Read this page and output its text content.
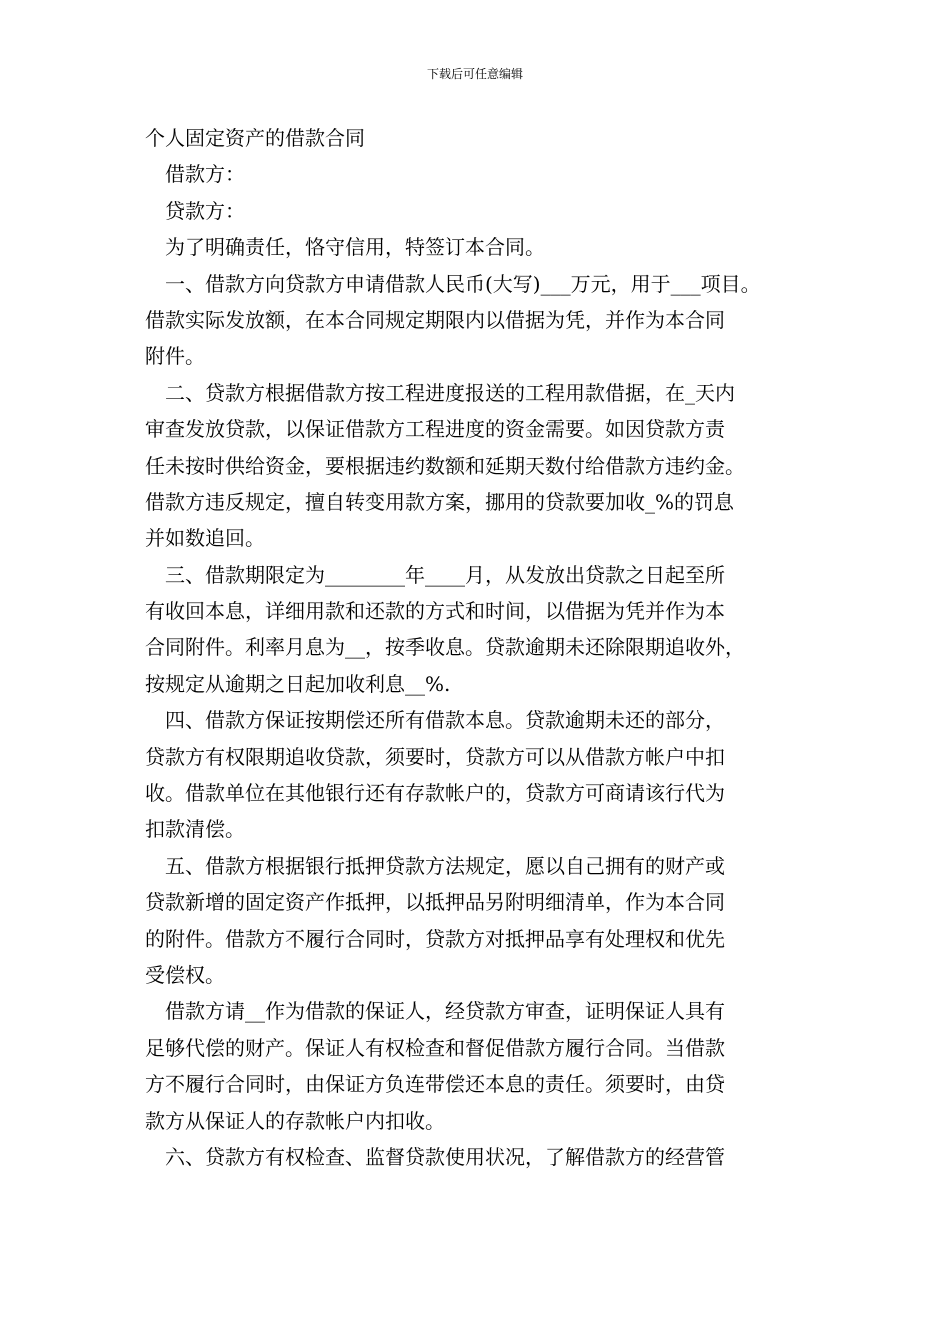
下载后可任意编辑
个人固定资产的借款合同
借款方：
贷款方：
为了明确责任，恪守信用，特签订本合同。
一、借款方向贷款方申请借款人民币(大写)___万元，用于___项目。
借款实际发放额，在本合同规定期限内以借据为凭，并作为本合同
附件。
二、贷款方根据借款方按工程进度报送的工程用款借据，在_天内
审查发放贷款，以保证借款方工程进度的资金需要。如因贷款方责
任未按时供给资金，要根据违约数额和延期天数付给借款方违约金。
借款方违反规定，擅自转变用款方案，挪用的贷款要加收_%的罚息
并如数追回。
三、借款期限定为________年____月，从发放出贷款之日起至所
有收回本息，详细用款和还款的方式和时间，以借据为凭并作为本
合同附件。利率月息为__，按季收息。贷款逾期未还除限期追收外，
按规定从逾期之日起加收利息__%.
四、借款方保证按期偿还所有借款本息。贷款逾期未还的部分，
贷款方有权限期追收贷款，须要时，贷款方可以从借款方帐户中扣
收。借款单位在其他银行还有存款帐户的，贷款方可商请该行代为
扣款清偿。
五、借款方根据银行抵押贷款方法规定，愿以自己拥有的财产或
贷款新增的固定资产作抵押，以抵押品另附明细清单，作为本合同
的附件。借款方不履行合同时，贷款方对抵押品享有处理权和优先
受偿权。
借款方请__作为借款的保证人，经贷款方审查，证明保证人具有
足够代偿的财产。保证人有权检查和督促借款方履行合同。当借款
方不履行合同时，由保证方负连带偿还本息的责任。须要时，由贷
款方从保证人的存款帐户内扣收。
六、贷款方有权检查、监督贷款使用状况，了解借款方的经营管
